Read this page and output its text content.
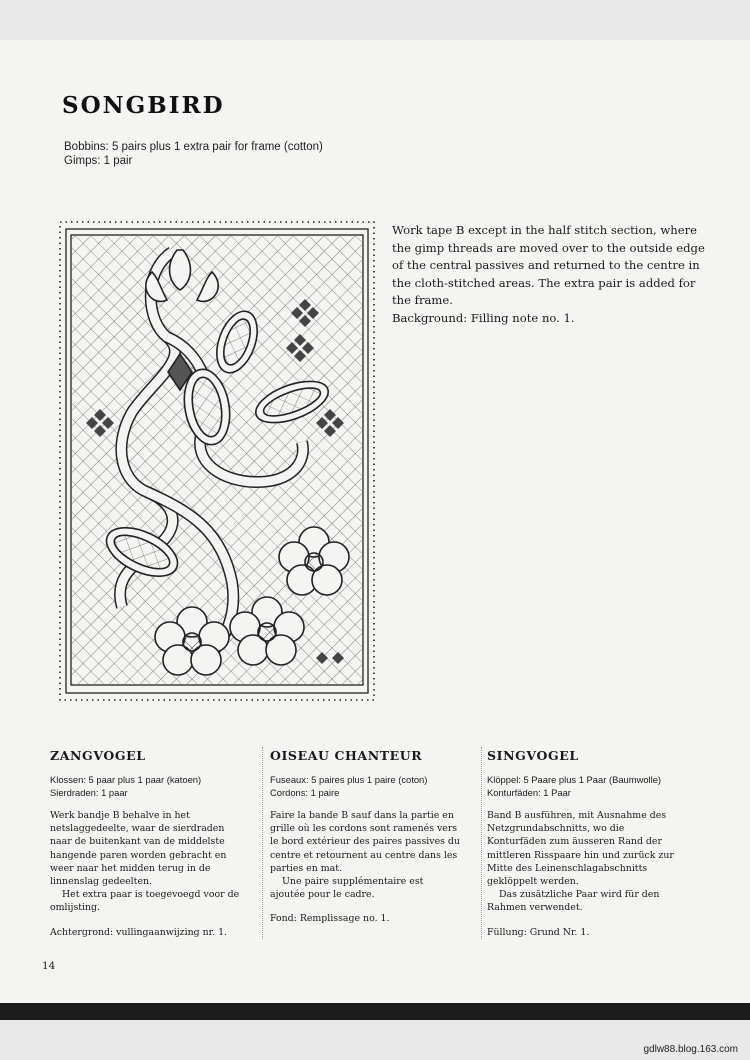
SONGBIRD
Bobbins: 5 pairs plus 1 extra pair for frame (cotton)
Gimps: 1 pair

Work tape B except in the half stitch section, where the gimp threads are moved over to the outside edge of the central passives and returned to the centre in the cloth-stitched areas. The extra pair is added for the frame.

Background: Filling note no. 1.

ZANGVOGEL
Klossen: 5 paar plus 1 paar (katoen)
Sierdraden: 1 paar

Werk bandje B behalve in het netslaggedeelte, waar de sierdraden naar de buitenkant van de middelste hangende paren worden gebracht en weer naar het midden terug in de linnenslag gedeelten.

Het extra paar is toegevoegd voor de omlijsting.

Achtergrond: vullingaanwijzing nr. 1.
OISEAU CHANTEUR
Fuseaux: 5 paires plus 1 paire (coton)
Cordons: 1 paire

Faire la bande B sauf dans la partie en grille où les cordons sont ramenés vers le bord extérieur des paires passives du centre et retournent au centre dans les parties en mat.

Une paire supplémentaire est ajoutée pour le cadre.

Fond: Remplissage no. 1.
SINGVOGEL
Klöppel: 5 Paare plus 1 Paar (Baumwolle)
Konturfäden: 1 Paar

Band B ausführen, mit Ausnahme des Netzgrundabschnitts, wo die Konturfäden zum äusseren Rand der mittleren Risspaare hin und zurück zur Mitte des Leinenschlagabschnitts geklöppelt werden.

Das zusätzliche Paar wird für den Rahmen verwendet.

Füllung: Grund Nr. 1.
14
gdlw88.blog.163.com
